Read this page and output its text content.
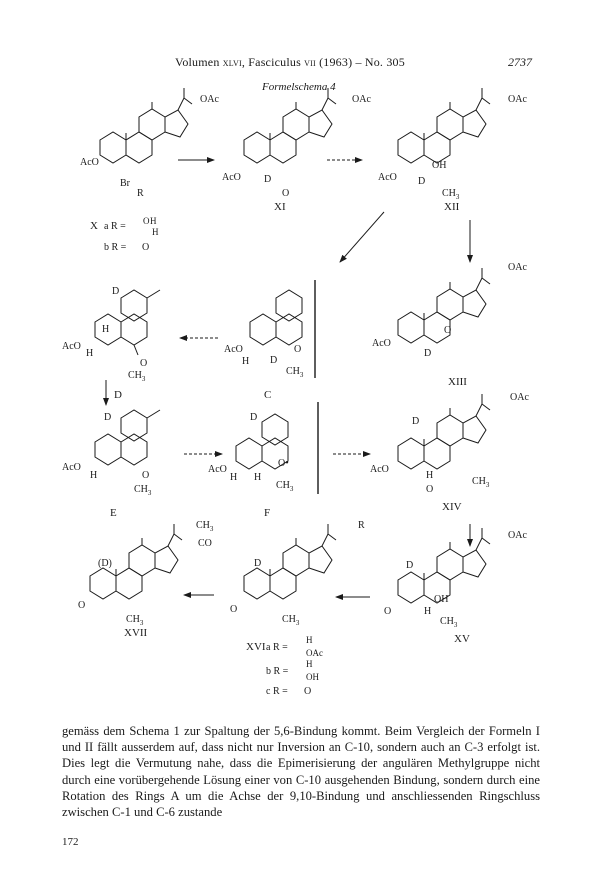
Volumen xlvi, Fasciculus vii (1963) – No. 305	2737
Formelschema 4
OAc
AcO
Br
R
X a R = O H
H
b R = O
OAc
AcO D
O
XI
OAc
AcO
OH
D
$CH_3$
XII
D
H
AcO
H
O
$CH_3$
D
AcO
H D
O
$CH_3$
C
OAc
AcO
O
D
XIII
D
AcO
H	O
$CH_3$
E
D
AcO
H H
O•
$CH_3$
F
OAc
D
AcO
H
$CH_3$
O
XIV
$CH_3$
CO
(D)
O
$CH_3$
XVII
R
D
O
$CH_3$
XVI a R =
H
OAc
b R =
H
OH
c R = O
OAc
D
O
OH
H
$CH_3$
XV

gemäss dem Schema 1 zur Spaltung der 5,6-Bindung kommt. Beim Vergleich der Formeln I und II fällt ausserdem auf, dass nicht nur Inversion an C-10, sondern auch an C-3 erfolgt ist. Dies legt die Vermutung nahe, dass die Epimerisierung der angulären Methylgruppe nicht durch eine vorübergehende Lösung einer von C-10 ausgehenden Bindung, sondern durch eine Rotation des Rings A um die Achse der 9,10-Bindung und anschliessenden Ringschluss zwischen C-1 und C-6 zustande

172
